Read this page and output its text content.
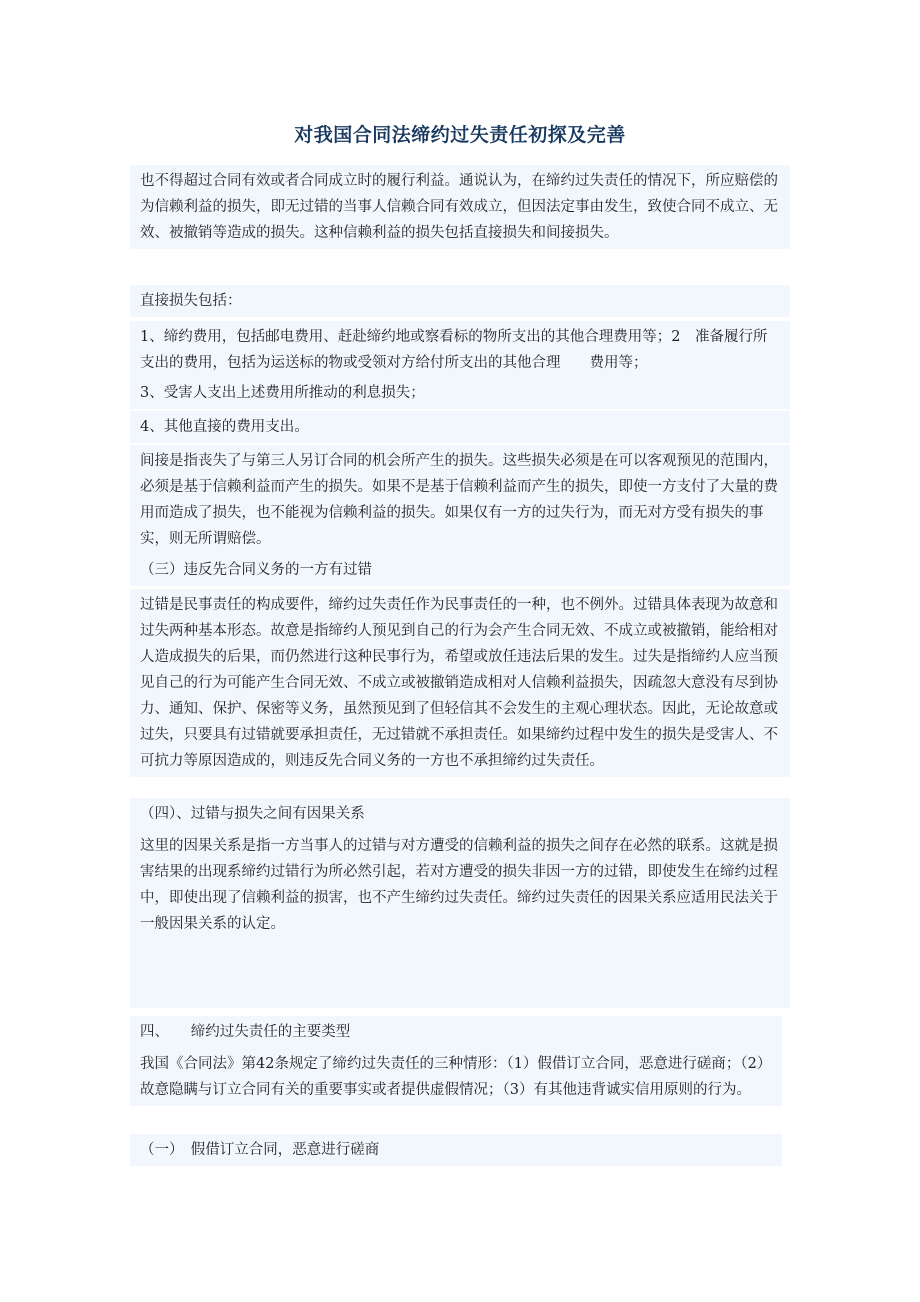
对我国合同法缔约过失责任初探及完善

也不得超过合同有效或者合同成立时的履行利益。通说认为，在缔约过失责任的情况下，所应赔偿的为信赖利益的损失，即无过错的当事人信赖合同有效成立，但因法定事由发生，致使合同不成立、无效、被撤销等造成的损失。这种信赖利益的损失包括直接损失和间接损失。

直接损失包括：

1、缔约费用，包括邮电费用、赶赴缔约地或察看标的物所支出的其他合理费用等；2　准备履行所支出的费用，包括为运送标的物或受领对方给付所支出的其他合理　　费用等；

3、受害人支出上述费用所推动的利息损失；

4、其他直接的费用支出。

间接是指丧失了与第三人另订合同的机会所产生的损失。这些损失必须是在可以客观预见的范围内，必须是基于信赖利益而产生的损失。如果不是基于信赖利益而产生的损失，即使一方支付了大量的费用而造成了损失，也不能视为信赖利益的损失。如果仅有一方的过失行为，而无对方受有损失的事实，则无所谓赔偿。

（三）违反先合同义务的一方有过错

过错是民事责任的构成要件，缔约过失责任作为民事责任的一种，也不例外。过错具体表现为故意和过失两种基本形态。故意是指缔约人预见到自己的行为会产生合同无效、不成立或被撤销，能给相对人造成损失的后果，而仍然进行这种民事行为，希望或放任违法后果的发生。过失是指缔约人应当预见自己的行为可能产生合同无效、不成立或被撤销造成相对人信赖利益损失，因疏忽大意没有尽到协力、通知、保护、保密等义务，虽然预见到了但轻信其不会发生的主观心理状态。因此，无论故意或过失，只要具有过错就要承担责任，无过错就不承担责任。如果缔约过程中发生的损失是受害人、不可抗力等原因造成的，则违反先合同义务的一方也不承担缔约过失责任。

（四）、过错与损失之间有因果关系

这里的因果关系是指一方当事人的过错与对方遭受的信赖利益的损失之间存在必然的联系。这就是损害结果的出现系缔约过错行为所必然引起，若对方遭受的损失非因一方的过错，即使发生在缔约过程中，即使出现了信赖利益的损害，也不产生缔约过失责任。缔约过失责任的因果关系应适用民法关于一般因果关系的认定。

四、　　缔约过失责任的主要类型

我国《合同法》第42条规定了缔约过失责任的三种情形：（1）假借订立合同，恶意进行磋商；（2）故意隐瞒与订立合同有关的重要事实或者提供虚假情况；（3）有其他违背诚实信用原则的行为。

（一）　假借订立合同，恶意进行磋商
